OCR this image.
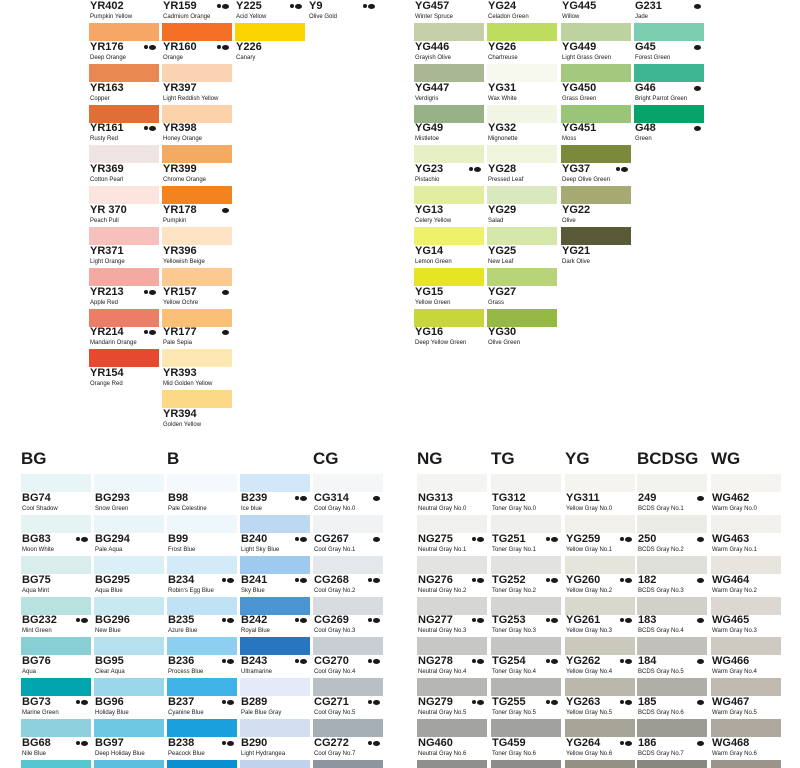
BG	B	CG	NG	TG	YG	BCDSG WG
YR402
Pumpkin Yellow
YR176
Deep Orange
YR163
Copper
YR161
Rusty Red
YR369
Cotton Pearl
YR 370
Peach Pull
YR371
Light Orange
YR213
Apple Red
YR214
Mandarin Orange
YR154
Orange Red
YR159
Cadmium Orange
YR160
Orange
YR397
Light Reddish Yellow
YR398
Honey Orange
YR399
Chrome Orange
YR178
Pumpkin
YR396
Yellowish Beige
YR157
Yellow Ochre
YR177
Pale Sepia
YR393
Mid Golden Yellow
YR394
Golden Yellow
Y225
Acid Yellow
Y226
Canary
Y9
Olive Gold
YG457
Winter Spruce
YG446
Grayish Olive
YG447
Verdigris
YG49
Mistletoe
YG23
Pistachio
YG13
Celery Yellow
YG14
Lemon Green
YG15
Yellow Green
YG16
Deep Yellow Green
YG24
Celadon Green
YG26
Chartreuse
YG31
Wax White
YG32
Mignonette
YG28
Pressed Leaf
YG29
Salad
YG25
New Leaf
YG27
Grass
YG30
Olive Green
YG445
Willow
YG449
Light Grass Green
YG450
Grass Green
YG451
Moss
YG37
Deep Olive Green
YG22
Olive
YG21
Dark Olive
G231
Jade
G45
Forest Green
G46
Bright Parrot Green
G48
Green
BG74
Cool Shadow
BG83
Moon White
BG75
Aqua Mint
BG232
Mint Green
BG76
Aqua
BG73
Marine Green
BG68
Nile Blue
BG293
Snow Green
BG294
Pale Aqua
BG295
Aqua Blue
BG296
New Blue
BG95
Clear Aqua
BG96
Holiday Blue
BG97
Deep Holiday Blue
B98
Pale Celestine
B99
Frost Blue
B234
Robin's Egg Blue
B235
Azure Blue
B236
Process Blue
B237
Cyanine Blue
B238
Peacock Blue
B239
Ice blue
B240
Light Sky Blue
B241
Sky Blue
B242
Royal Blue
B243
Ultramarine
B289
Pale Blue Gray
B290
Light Hydrangea
CG314
Cool Gray No.0
CG267
Cool Gray No.1
CG268
Cool Gray No.2
CG269
Cool Gray No.3
CG270
Cool Gray No.4
CG271
Cool Gray No.5
CG272
Cool Gray No.7
NG313
Neutral Gray No.0
NG275
Neutral Gray No.1
NG276
Neutral Gray No.2
NG277
Neutral Gray No.3
NG278
Neutral Gray No.4
NG279
Neutral Gray No.5
NG460
Neutral Gray No.6
TG312
Toner Gray No.0
TG251
Toner Gray No.1
TG252
Toner Gray No.2
TG253
Toner Gray No.3
TG254
Toner Gray No.4
TG255
Toner Gray No.5
TG459
Toner Gray No.6
YG311
Yellow Gray No.0
YG259
Yellow Gray No.1
YG260
Yellow Gray No.2
YG261
Yellow Gray No.3
YG262
Yellow Gray No.4
YG263
Yellow Gray No.5
YG264
Yellow Gray No.6
249
BCDS Gray No.1
250
BCDS Gray No.2
182
BCDS Gray No.3
183
BCDS Gray No.4
184
BCDS Gray No.5
185
BCDS Gray No.6
186
BCDS Gray No.7
WG462
Warm Gray No.0
WG463
Warm Gray No.1
WG464
Warm Gray No.2
WG465
Warm Gray No.3
WG466
Warm Gray No.4
WG467
Warm Gray No.5
WG468
Warm Gray No.6
